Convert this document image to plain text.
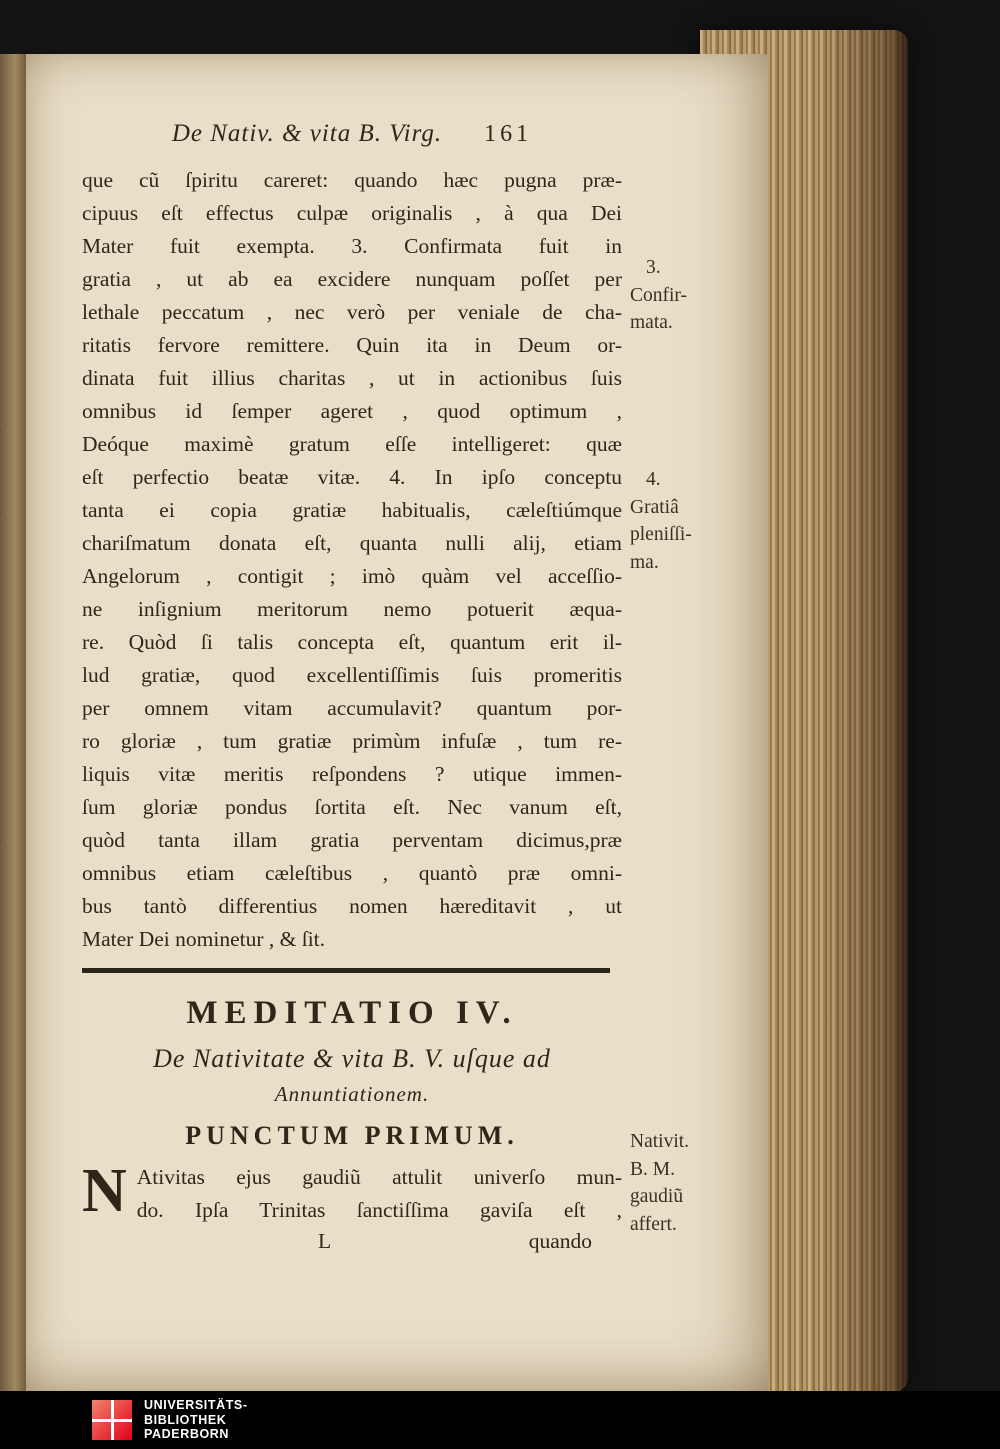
De Nativ. & vita B. Virg. 161
que cũ ſpiritu careret: quando hæc pugna præ-
cipuus eſt effectus culpæ originalis , à qua Dei
Mater fuit exempta. 3. Confirmata fuit in
gratia , ut ab ea excidere nunquam poſſet per
lethale peccatum , nec verò per veniale de cha-
ritatis fervore remittere. Quin ita in Deum or-
dinata fuit illius charitas , ut in actionibus ſuis
omnibus id ſemper ageret , quod optimum ,
Deóque maximè gratum eſſe intelligeret: quæ
eſt perfectio beatæ vitæ. 4. In ipſo conceptu
tanta ei copia gratiæ habitualis, cæleſtiúmque
chariſmatum donata eſt, quanta nulli alij, etiam
Angelorum , contigit ; imò quàm vel acceſſio-
ne inſignium meritorum nemo potuerit æqua-
re. Quòd ſi talis concepta eſt, quantum erit il-
lud gratiæ, quod excellentiſſimis ſuis promeritis
per omnem vitam accumulavit? quantum por-
ro gloriæ , tum gratiæ primùm infuſæ , tum re-
liquis vitæ meritis reſpondens ? utique immen-
ſum gloriæ pondus ſortita eſt. Nec vanum eſt,
quòd tanta illam gratia perventam dicimus,præ
omnibus etiam cæleſtibus , quantò præ omni-
bus tantò differentius nomen hæreditavit , ut
Mater Dei nominetur , & ſit.
MEDITATIO IV.
De Nativitate & vita B. V. uſque ad
Annuntiationem.
PUNCTUM PRIMUM.
N Ativitas ejus gaudiũ attulit univerſo mun-
do. Ipſa Trinitas ſanctiſſima gaviſa eſt ,
L	quando
3.
Confir-
mata.
4.
Gratiâ
pleniſſi-
ma.
Nativit.
B. M.
gaudiũ
affert.
UNIVERSITÄTS-
BIBLIOTHEK
PADERBORN
